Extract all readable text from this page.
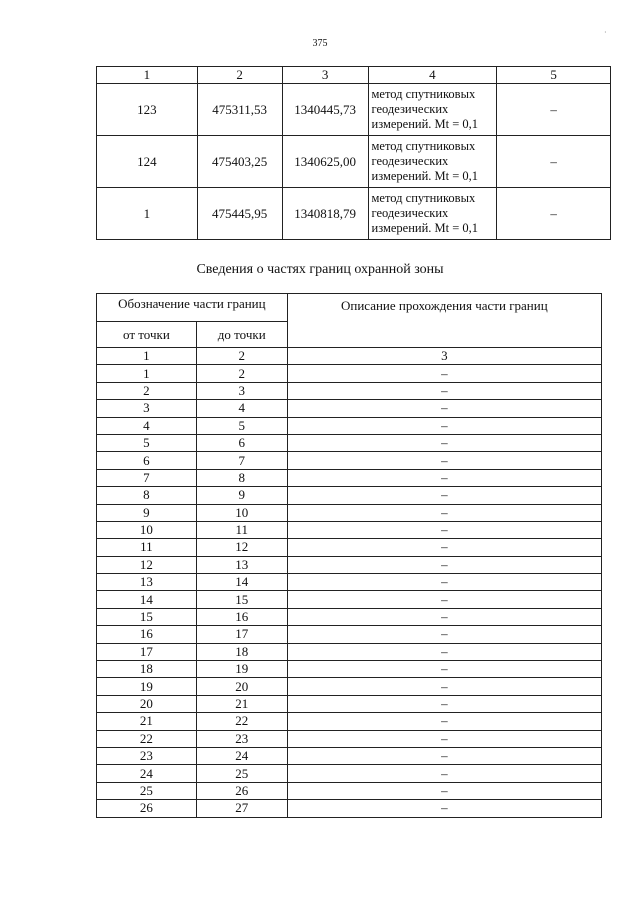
375
·
1	2	3	4	5
123	475311,53	1340445,73	метод спутниковых
геодезических
измерений. Mt = 0,1	–
124	475403,25	1340625,00	метод спутниковых
геодезических
измерений. Mt = 0,1	–
1	475445,95	1340818,79	метод спутниковых
геодезических
измерений. Mt = 0,1	–
Сведения о частях границ охранной зоны
Обозначение части границ		Описание прохождения части границ
от точки	до точки	
1	2	3
1	2	–
2	3	–
3	4	–
4	5	–
5	6	–
6	7	–
7	8	–
8	9	–
9	10	–
10	11	–
11	12	–
12	13	–
13	14	–
14	15	–
15	16	–
16	17	–
17	18	–
18	19	–
19	20	–
20	21	–
21	22	–
22	23	–
23	24	–
24	25	–
25	26	–
26	27	–
